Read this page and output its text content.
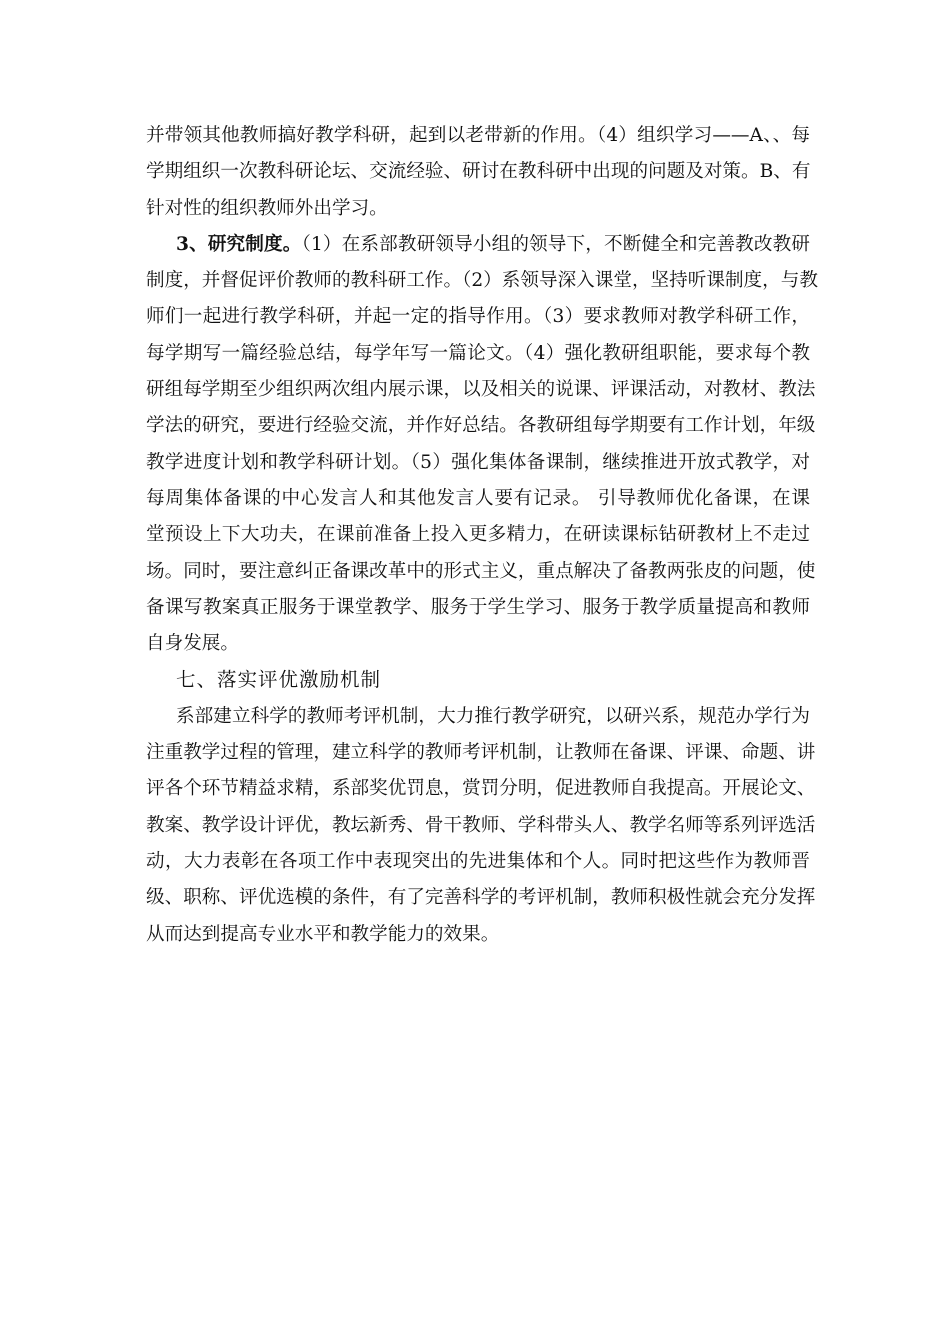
并带领其他教师搞好教学科研，起到以老带新的作用。（4）组织学习——A、、每
学期组织一次教科研论坛、交流经验、研讨在教科研中出现的问题及对策。B、有
针对性的组织教师外出学习。
3、研究制度。（1）在系部教研领导小组的领导下，不断健全和完善教改教研
制度，并督促评价教师的教科研工作。（2）系领导深入课堂，坚持听课制度，与教
师们一起进行教学科研，并起一定的指导作用。（3）要求教师对教学科研工作，
每学期写一篇经验总结，每学年写一篇论文。（4）强化教研组职能，要求每个教
研组每学期至少组织两次组内展示课，以及相关的说课、评课活动，对教材、教法
学法的研究，要进行经验交流，并作好总结。各教研组每学期要有工作计划，年级
教学进度计划和教学科研计划。（5）强化集体备课制，继续推进开放式教学，对
每周集体备课的中心发言人和其他发言人要有记录。 引导教师优化备课，在课
堂预设上下大功夫，在课前准备上投入更多精力，在研读课标钻研教材上不走过
场。同时，要注意纠正备课改革中的形式主义，重点解决了备教两张皮的问题，使
备课写教案真正服务于课堂教学、服务于学生学习、服务于教学质量提高和教师
自身发展。
七、落实评优激励机制
系部建立科学的教师考评机制，大力推行教学研究，以研兴系，规范办学行为
注重教学过程的管理，建立科学的教师考评机制，让教师在备课、评课、命题、讲
评各个环节精益求精，系部奖优罚息，赏罚分明，促进教师自我提高。开展论文、
教案、教学设计评优，教坛新秀、骨干教师、学科带头人、教学名师等系列评选活
动，大力表彰在各项工作中表现突出的先进集体和个人。同时把这些作为教师晋
级、职称、评优选模的条件，有了完善科学的考评机制，教师积极性就会充分发挥
从而达到提高专业水平和教学能力的效果。
